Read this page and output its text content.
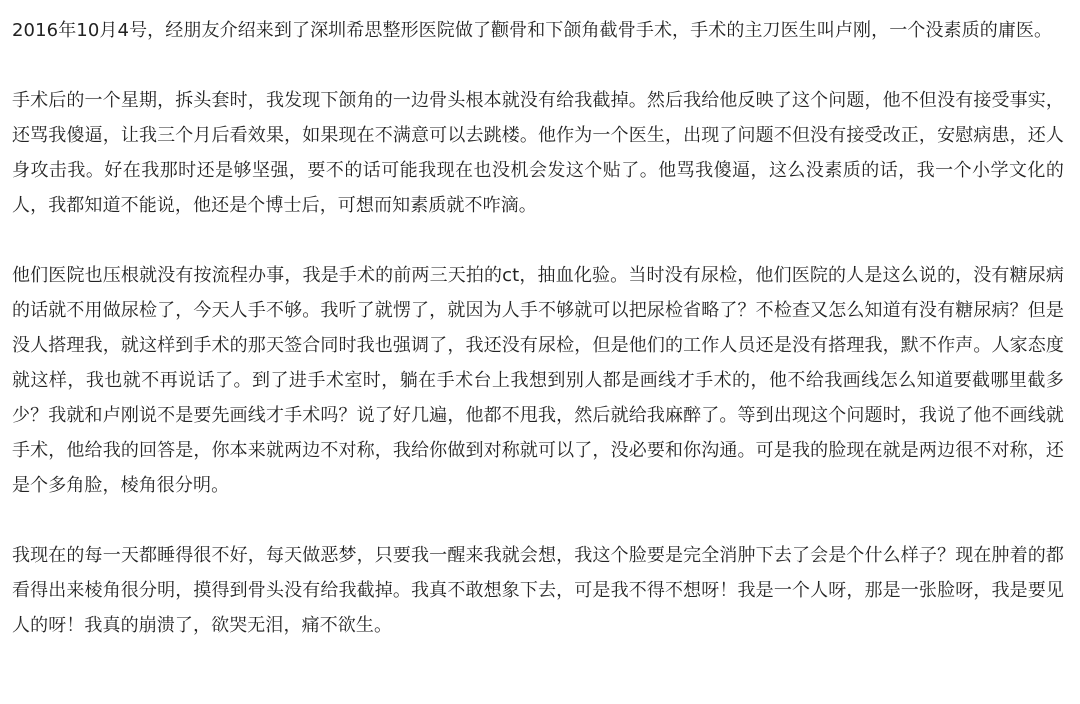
2016年10月4号，经朋友介绍来到了深圳希思整形医院做了颧骨和下颌角截骨手术，手术的主刀医生叫卢刚，一个没素质的庸医。

手术后的一个星期，拆头套时，我发现下颌角的一边骨头根本就没有给我截掉。然后我给他反映了这个问题，他不但没有接受事实，还骂我傻逼，让我三个月后看效果，如果现在不满意可以去跳楼。他作为一个医生，出现了问题不但没有接受改正，安慰病患，还人身攻击我。好在我那时还是够坚强，要不的话可能我现在也没机会发这个贴了。他骂我傻逼，这么没素质的话，我一个小学文化的人，我都知道不能说，他还是个博士后，可想而知素质就不咋滴。

他们医院也压根就没有按流程办事，我是手术的前两三天拍的ct，抽血化验。当时没有尿检，他们医院的人是这么说的，没有糖尿病的话就不用做尿检了，今天人手不够。我听了就愣了，就因为人手不够就可以把尿检省略了？不检查又怎么知道有没有糖尿病？但是没人搭理我，就这样到手术的那天签合同时我也强调了，我还没有尿检，但是他们的工作人员还是没有搭理我，默不作声。人家态度就这样，我也就不再说话了。到了进手术室时，躺在手术台上我想到别人都是画线才手术的，他不给我画线怎么知道要截哪里截多少？我就和卢刚说不是要先画线才手术吗？说了好几遍，他都不甩我，然后就给我麻醉了。等到出现这个问题时，我说了他不画线就手术，他给我的回答是，你本来就两边不对称，我给你做到对称就可以了，没必要和你沟通。可是我的脸现在就是两边很不对称，还是个多角脸，棱角很分明。

我现在的每一天都睡得很不好，每天做恶梦，只要我一醒来我就会想，我这个脸要是完全消肿下去了会是个什么样子？现在肿着的都看得出来棱角很分明，摸得到骨头没有给我截掉。我真不敢想象下去，可是我不得不想呀！我是一个人呀，那是一张脸呀，我是要见人的呀！我真的崩溃了，欲哭无泪，痛不欲生。
